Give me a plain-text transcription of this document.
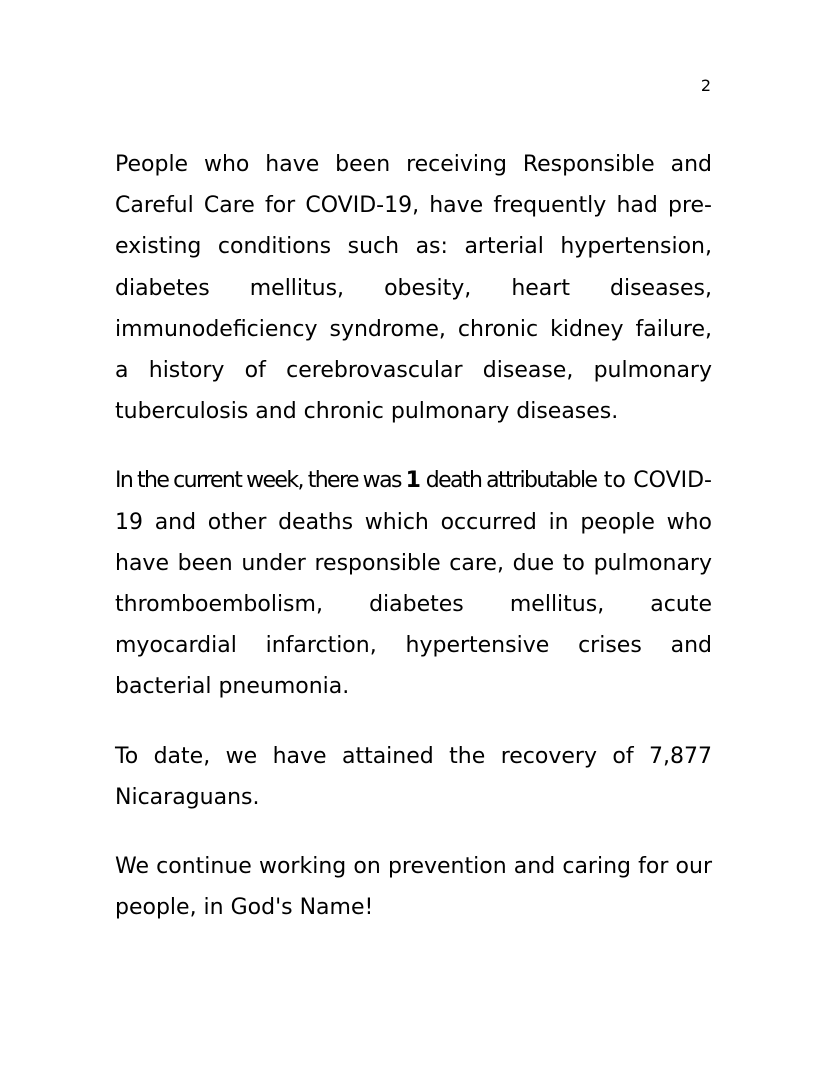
2

People who have been receiving Responsible and Careful Care for COVID-19, have frequently had pre-existing conditions such as: arterial hypertension, diabetes mellitus, obesity, heart diseases, immunodeficiency syndrome, chronic kidney failure, a history of cerebrovascular disease, pulmonary tuberculosis and chronic pulmonary diseases.

In the current week, there was 1 death attributable to COVID-19 and other deaths which occurred in people who have been under responsible care, due to pulmonary thromboembolism, diabetes mellitus, acute myocardial infarction, hypertensive crises and bacterial pneumonia.

To date, we have attained the recovery of 7,877 Nicaraguans.

We continue working on prevention and caring for our people, in God's Name!
